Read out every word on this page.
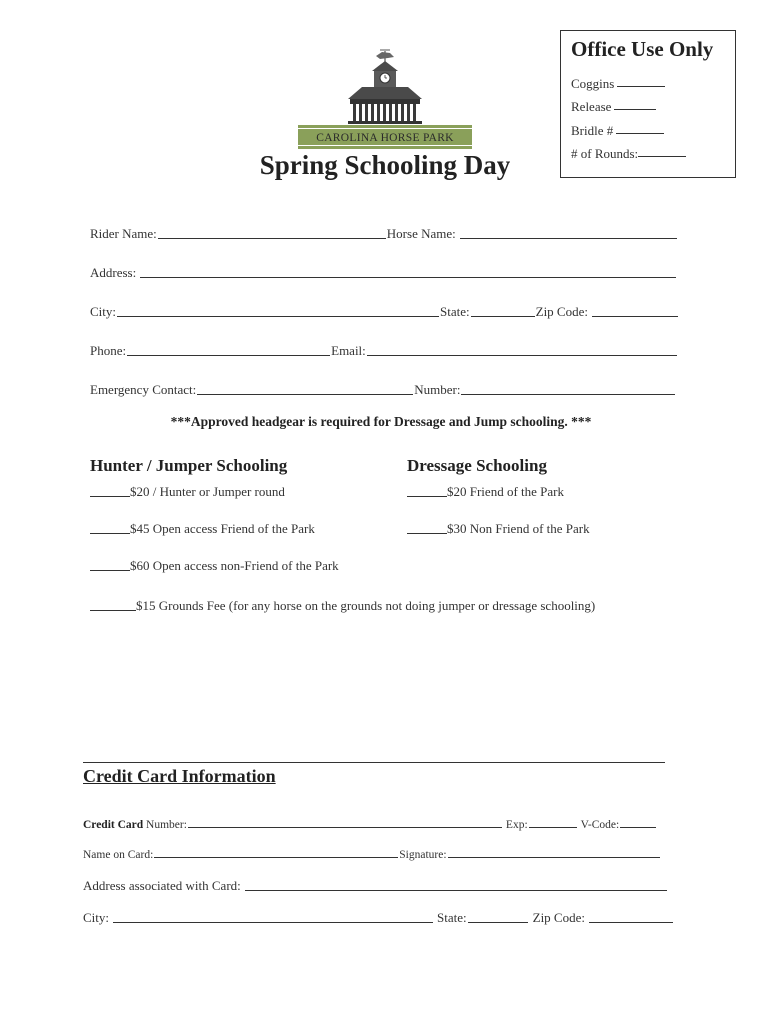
Office Use Only
Coggins
Release
Bridle #
# of Rounds:
CAROLINA HORSE PARK
Spring Schooling Day
Rider Name:	Horse Name:
Address:
City:	State:	Zip Code:
Phone:	Email:
Emergency Contact:	Number:
***Approved headgear is required for Dressage and Jump schooling. ***
Hunter / Jumper Schooling
$20 / Hunter or Jumper round
$45 Open access Friend of the Park
$60 Open access non-Friend of the Park
Dressage Schooling
$20 Friend of the Park
$30 Non Friend of the Park
$15 Grounds Fee (for any horse on the grounds not doing jumper or dressage schooling)
Credit Card Information
Credit Card
Number:	Exp:	V-Code:
Name on Card:	Signature:
Address associated with Card:
City:	State:	Zip Code:
